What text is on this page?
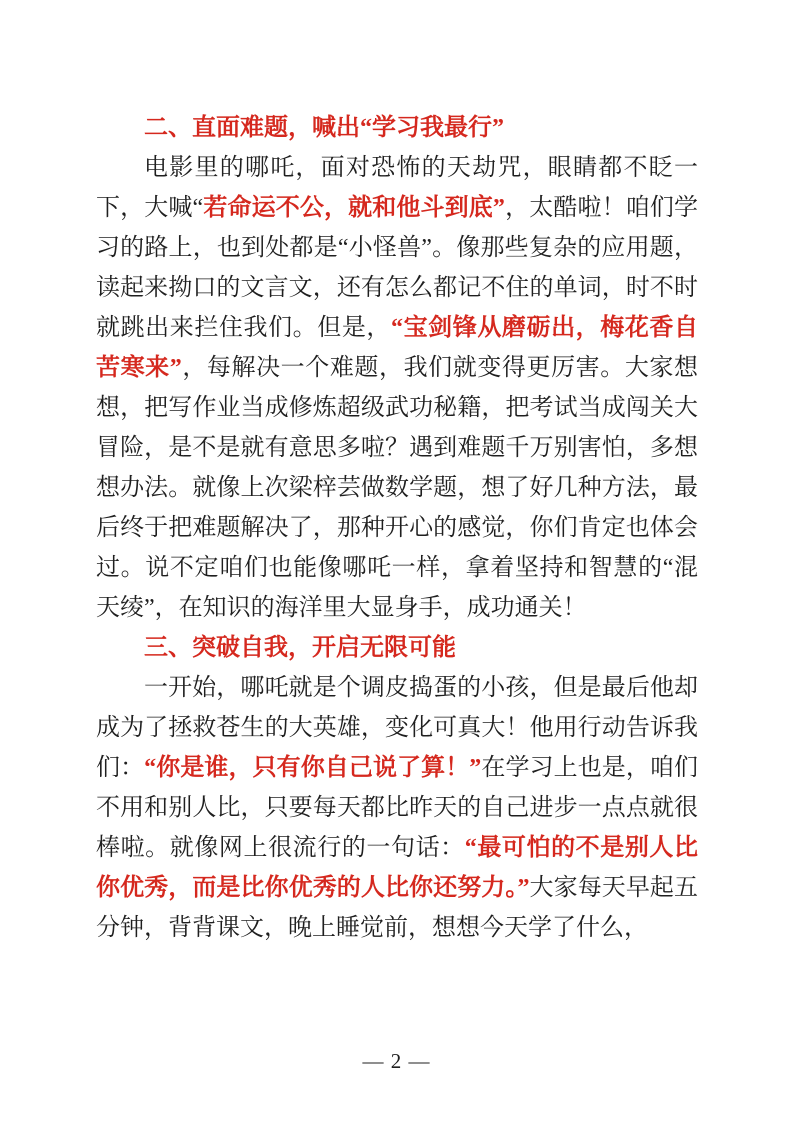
二、直面难题，喊出“学习我最行”

电影里的哪吒，面对恐怖的天劫咒，眼睛都不眨一下，大喊“若命运不公，就和他斗到底”，太酷啦！咱们学习的路上，也到处都是“小怪兽”。像那些复杂的应用题，读起来拗口的文言文，还有怎么都记不住的单词，时不时就跳出来拦住我们。但是，“宝剑锋从磨砺出，梅花香自苦寒来”，每解决一个难题，我们就变得更厉害。大家想想，把写作业当成修炼超级武功秘籍，把考试当成闯关大冒险，是不是就有意思多啦？遇到难题千万别害怕，多想想办法。就像上次梁梓芸做数学题，想了好几种方法，最后终于把难题解决了，那种开心的感觉，你们肯定也体会过。说不定咱们也能像哪吒一样，拿着坚持和智慧的“混天绫”，在知识的海洋里大显身手，成功通关！

三、突破自我，开启无限可能

一开始，哪吒就是个调皮捣蛋的小孩，但是最后他却成为了拯救苍生的大英雄，变化可真大！他用行动告诉我们：“你是谁，只有你自己说了算！”在学习上也是，咱们不用和别人比，只要每天都比昨天的自己进步一点点就很棒啦。就像网上很流行的一句话：“最可怕的不是别人比你优秀，而是比你优秀的人比你还努力。”大家每天早起五分钟，背背课文，晚上睡觉前，想想今天学了什么，

— 2 —
